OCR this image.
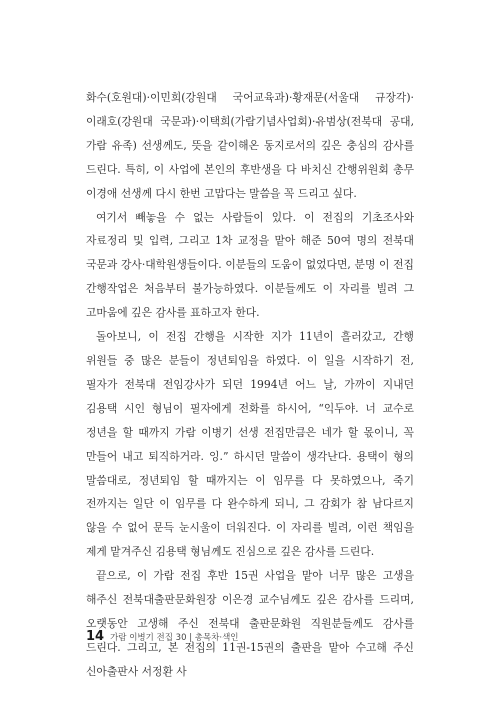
화수(호원대)·이민희(강원대 국어교육과)·황재문(서울대 규장각)·이래호(강원대 국문과)·이택희(가람기념사업회)·유범상(전북대 공대, 가람 유족) 선생께도, 뜻을 같이해온 동지로서의 깊은 충심의 감사를 드린다. 특히, 이 사업에 본인의 후반생을 다 바치신 간행위원회 총무 이경애 선생께 다시 한번 고맙다는 말씀을 꼭 드리고 싶다.

여기서 빼놓을 수 없는 사람들이 있다. 이 전집의 기초조사와 자료정리 및 입력, 그리고 1차 교정을 맡아 해준 50여 명의 전북대 국문과 강사·대학원생들이다. 이분들의 도움이 없었다면, 분명 이 전집 간행작업은 처음부터 불가능하였다. 이분들께도 이 자리를 빌려 그 고마움에 깊은 감사를 표하고자 한다.

돌아보니, 이 전집 간행을 시작한 지가 11년이 흘러갔고, 간행 위원들 중 많은 분들이 정년퇴임을 하였다. 이 일을 시작하기 전, 필자가 전북대 전임강사가 되던 1994년 어느 날, 가까이 지내던 김용택 시인 형님이 필자에게 전화를 하시어, “익두야. 너 교수로 정년을 할 때까지 가람 이병기 선생 전집만큼은 네가 할 몫이니, 꼭 만들어 내고 퇴직하거라. 잉.” 하시던 말씀이 생각난다. 용택이 형의 말씀대로, 정년퇴임 할 때까지는 이 임무를 다 못하였으나, 죽기 전까지는 일단 이 임무를 다 완수하게 되니, 그 감회가 참 남다르지 않을 수 없어 문득 눈시울이 더워진다. 이 자리를 빌려, 이런 책임을 제게 맡겨주신 김용택 형님께도 진심으로 깊은 감사를 드린다.

끝으로, 이 가람 전집 후반 15권 사업을 맡아 너무 많은 고생을 해주신 전북대출판문화원장 이은경 교수님께도 깊은 감사를 드리며, 오랫동안 고생해 주신 전북대 출판문화원 직원분들께도 감사를 드린다. 그리고, 본 전집의 11권-15권의 출판을 맡아 수고해 주신 신아출판사 서정환 사

14 가람 이병기 전집 30 | 총목차·색인
